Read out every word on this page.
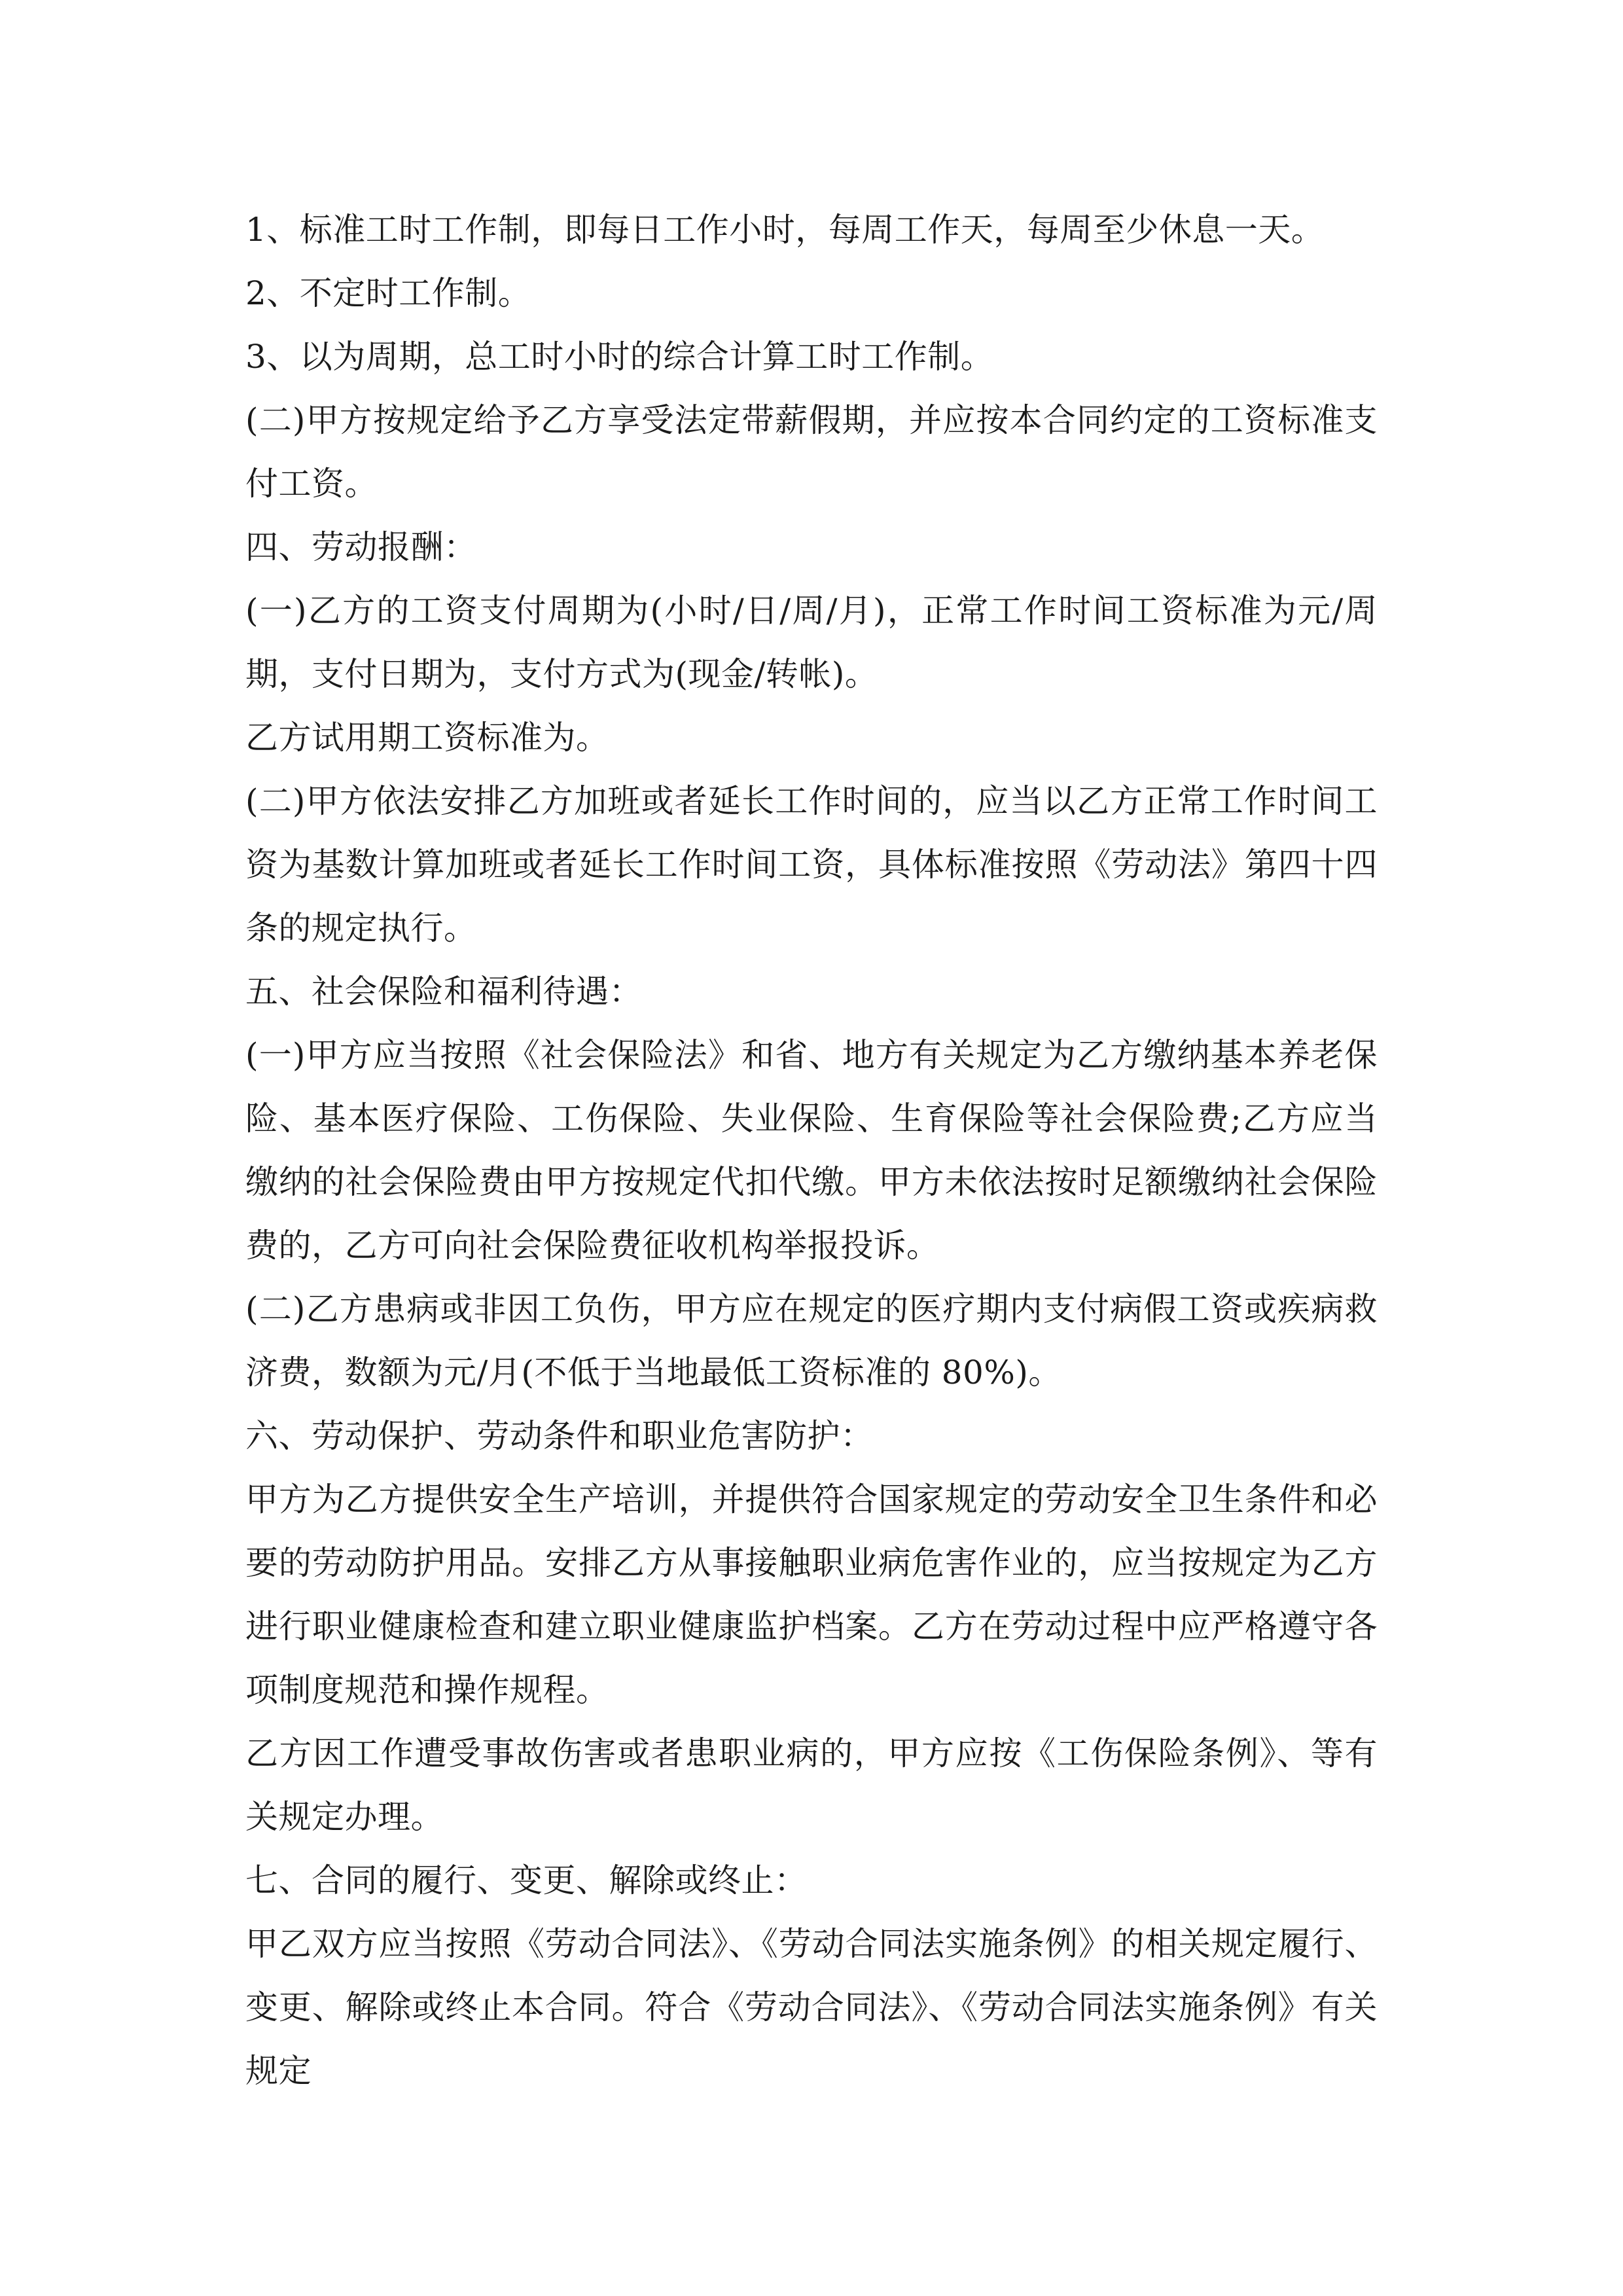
1、标准工时工作制，即每日工作小时，每周工作天，每周至少休息一天。

2、不定时工作制。

3、以为周期，总工时小时的综合计算工时工作制。

(二)甲方按规定给予乙方享受法定带薪假期，并应按本合同约定的工资标准支付工资。

四、劳动报酬：

(一)乙方的工资支付周期为(小时/日/周/月)，正常工作时间工资标准为元/周期，支付日期为，支付方式为(现金/转帐)。

乙方试用期工资标准为。

(二)甲方依法安排乙方加班或者延长工作时间的，应当以乙方正常工作时间工资为基数计算加班或者延长工作时间工资，具体标准按照《劳动法》第四十四条的规定执行。

五、社会保险和福利待遇：

(一)甲方应当按照《社会保险法》和省、地方有关规定为乙方缴纳基本养老保险、基本医疗保险、工伤保险、失业保险、生育保险等社会保险费;乙方应当缴纳的社会保险费由甲方按规定代扣代缴。甲方未依法按时足额缴纳社会保险费的，乙方可向社会保险费征收机构举报投诉。

(二)乙方患病或非因工负伤，甲方应在规定的医疗期内支付病假工资或疾病救济费，数额为元/月(不低于当地最低工资标准的 80%)。

六、劳动保护、劳动条件和职业危害防护：

甲方为乙方提供安全生产培训，并提供符合国家规定的劳动安全卫生条件和必要的劳动防护用品。安排乙方从事接触职业病危害作业的，应当按规定为乙方进行职业健康检查和建立职业健康监护档案。乙方在劳动过程中应严格遵守各项制度规范和操作规程。

乙方因工作遭受事故伤害或者患职业病的，甲方应按《工伤保险条例》、等有关规定办理。

七、合同的履行、变更、解除或终止：

甲乙双方应当按照《劳动合同法》、《劳动合同法实施条例》的相关规定履行、变更、解除或终止本合同。符合《劳动合同法》、《劳动合同法实施条例》有关规定
